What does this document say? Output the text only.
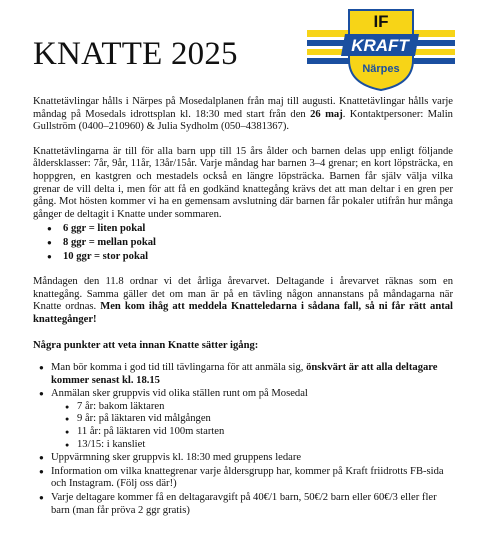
KNATTE 2025
IF
KRAFT
Närpes

Knattetävlingar hålls i Närpes på Mosedalplanen från maj till augusti. Knattetävlingar hålls varje måndag på Mosedals idrottsplan kl. 18:30 med start från den 26 maj. Kontaktpersoner: Malin Gullström (0400–210960) & Julia Sydholm (050–4381367).

Knattetävlingarna är till för alla barn upp till 15 års ålder och barnen delas upp enligt följande åldersklasser: 7år, 9år, 11år, 13år/15år. Varje måndag har barnen 3–4 grenar; en kort löpsträcka, en hoppgren, en kastgren och mestadels också en längre löpsträcka. Barnen får själv välja vilka grenar de vill delta i, men för att få en godkänd knattegång krävs det att man deltar i en gren per gång. Mot hösten kommer vi ha en gemensam avslutning där barnen får pokaler utifrån hur många gånger de deltagit i Knatte under sommaren.

● 6 ggr = liten pokal
● 8 ggr = mellan pokal
● 10 ggr = stor pokal

Måndagen den 11.8 ordnar vi det årliga årevarvet. Deltagande i årevarvet räknas som en knattegång. Samma gäller det om man är på en tävling någon annanstans på måndagarna när Knatte ordnas. Men kom ihåg att meddela Knatteledarna i sådana fall, så ni får rätt antal knattegånger!

Några punkter att veta innan Knatte sätter igång:
● Man bör komma i god tid till tävlingarna för att anmäla sig, önskvärt är att alla deltagare kommer senast kl. 18.15
● Anmälan sker gruppvis vid olika ställen runt om på Mosedal
● 7 år: bakom läktaren
● 9 år: på läktaren vid målgången
● 11 år: på läktaren vid 100m starten
● 13/15: i kansliet
● Uppvärmning sker gruppvis kl. 18:30 med gruppens ledare
● Information om vilka knattegrenar varje åldersgrupp har, kommer på Kraft friidrotts FB-sida och Instagram. (Följ oss där!)
● Varje deltagare kommer få en deltagaravgift på 40€/1 barn, 50€/2 barn eller 60€/3 eller fler barn (man får pröva 2 ggr gratis)
